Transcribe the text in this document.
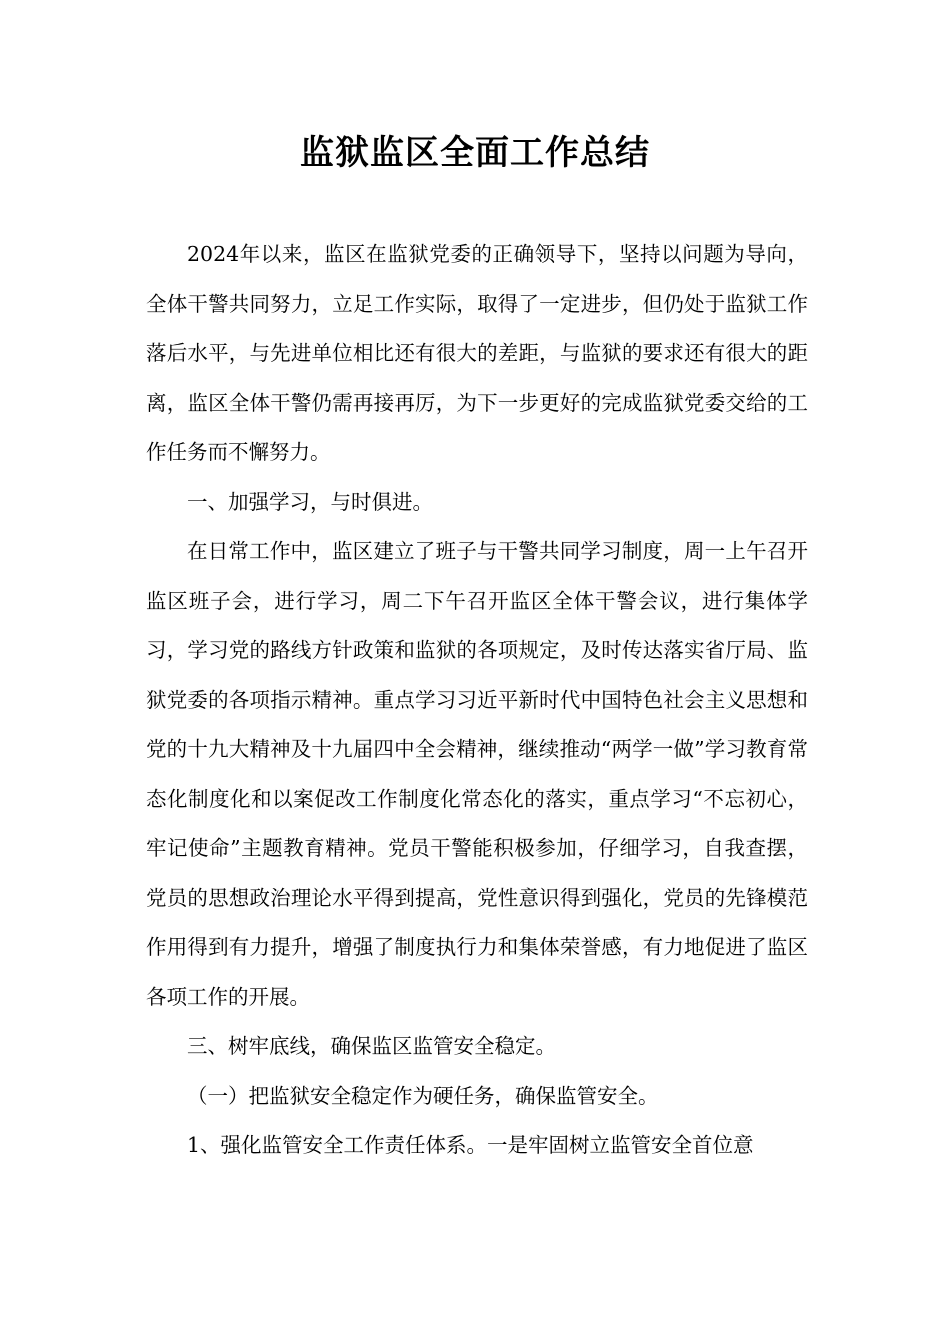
监狱监区全面工作总结

2024年以来，监区在监狱党委的正确领导下，坚持以问题为导向，全体干警共同努力，立足工作实际，取得了一定进步，但仍处于监狱工作落后水平，与先进单位相比还有很大的差距，与监狱的要求还有很大的距离，监区全体干警仍需再接再厉，为下一步更好的完成监狱党委交给的工作任务而不懈努力。

一、加强学习，与时俱进。

在日常工作中，监区建立了班子与干警共同学习制度，周一上午召开监区班子会，进行学习，周二下午召开监区全体干警会议，进行集体学习，学习党的路线方针政策和监狱的各项规定，及时传达落实省厅局、监狱党委的各项指示精神。重点学习习近平新时代中国特色社会主义思想和党的十九大精神及十九届四中全会精神，继续推动“两学一做”学习教育常态化制度化和以案促改工作制度化常态化的落实，重点学习“不忘初心，牢记使命”主题教育精神。党员干警能积极参加，仔细学习，自我查摆，党员的思想政治理论水平得到提高，党性意识得到强化，党员的先锋模范作用得到有力提升，增强了制度执行力和集体荣誉感，有力地促进了监区各项工作的开展。

三、树牢底线，确保监区监管安全稳定。

（一）把监狱安全稳定作为硬任务，确保监管安全。

1、强化监管安全工作责任体系。一是牢固树立监管安全首位意
